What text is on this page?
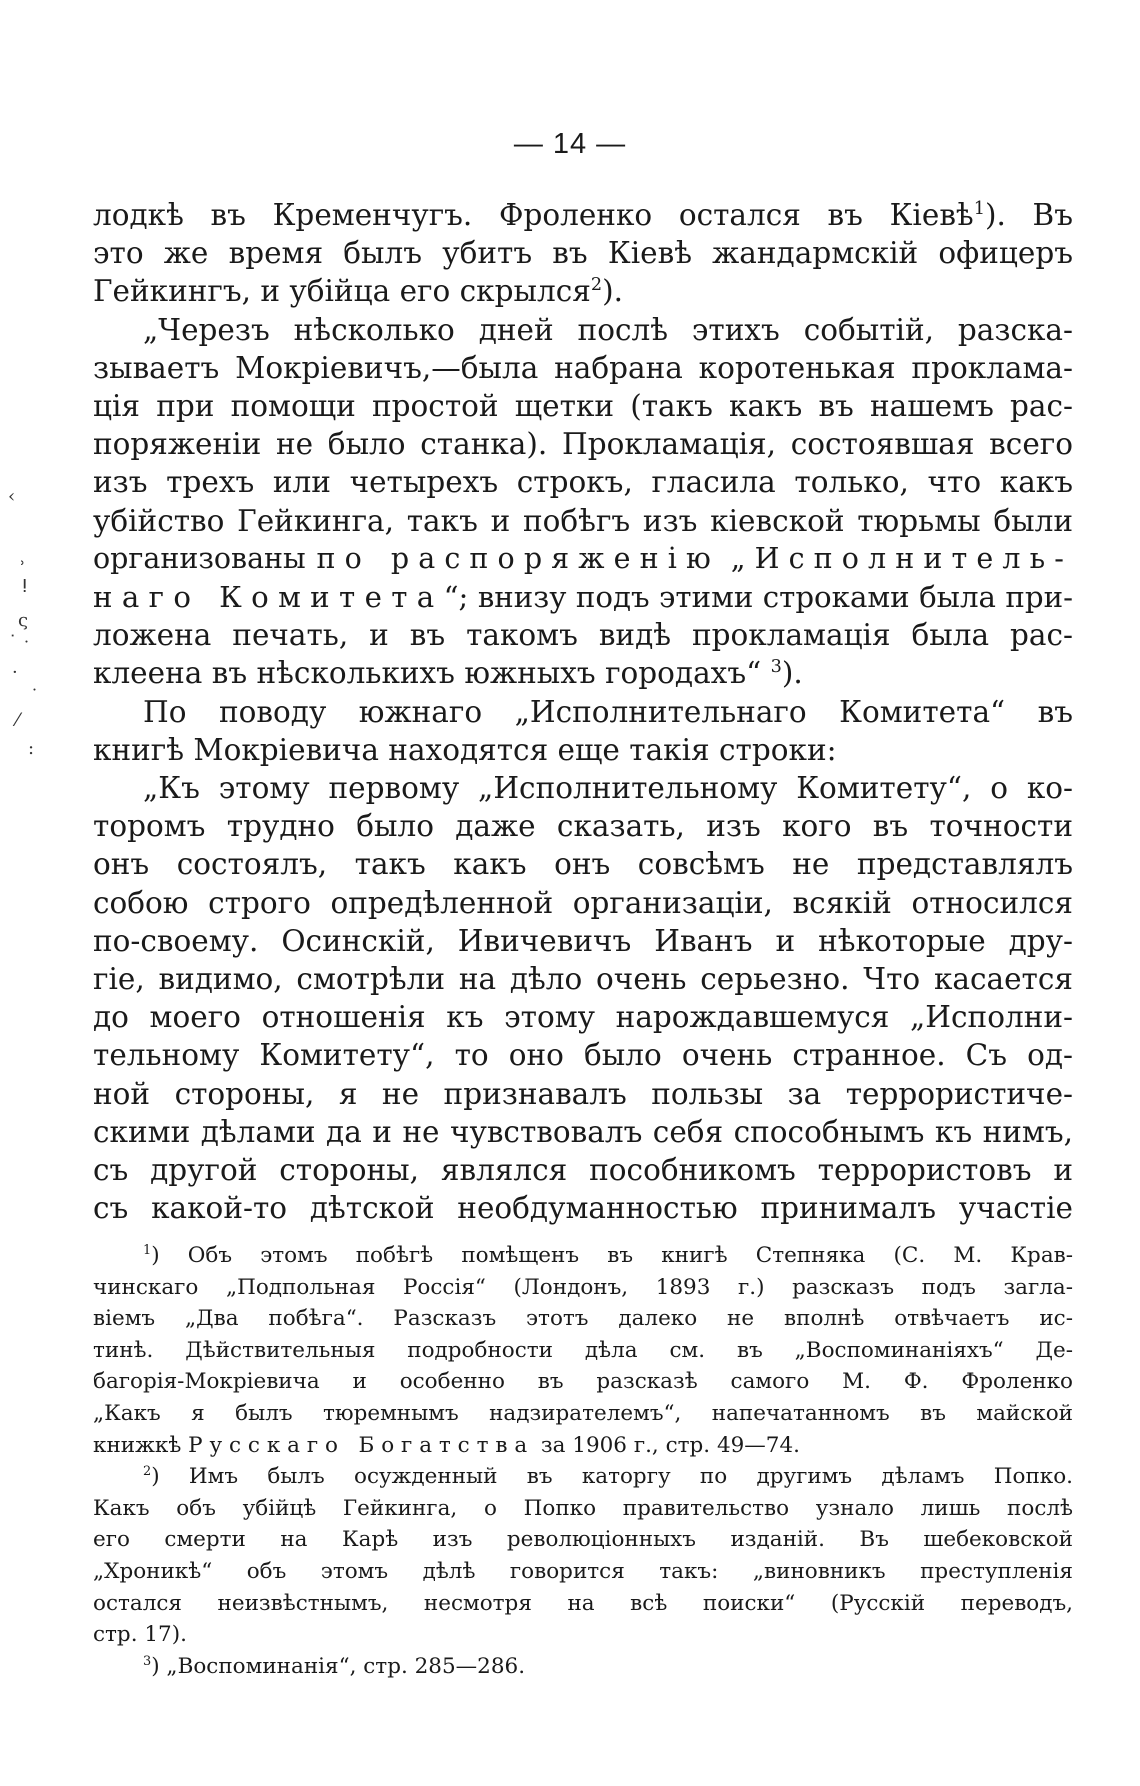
‹
ʾ
ⵑ
ς
ᐧ
˙
·
˙
⁄
:
— 14 —
лодкѣ въ Кременчугъ. Фроленко остался въ Кіевѣ$^1$). Въ
это же время былъ убитъ въ Кіевѣ жандармскій офицеръ
Гейкингъ, и убійца его скрылся$^2$).
„Черезъ нѣсколько дней послѣ этихъ событій, разска-
зываетъ Мокріевичъ,—была набрана коротенькая проклама-
ція при помощи простой щетки (такъ какъ въ нашемъ рас-
поряженіи не было станка). Прокламація, состоявшая всего
изъ трехъ или четырехъ строкъ, гласила только, что какъ
убійство Гейкинга, такъ и побѣгъ изъ кіевской тюрьмы были
организованы по распоряженію „Исполнитель-
наго Комитета“; внизу подъ этими строками была при-
ложена печать, и въ такомъ видѣ прокламація была рас-
клеена въ нѣсколькихъ южныхъ городахъ“ $^3$).
По поводу южнаго „Исполнительнаго Комитета“ въ
книгѣ Мокріевича находятся еще такія строки:
„Къ этому первому „Исполнительному Комитету“, о ко-
торомъ трудно было даже сказать, изъ кого въ точности
онъ состоялъ, такъ какъ онъ совсѣмъ не представлялъ
собою строго опредѣленной организаціи, всякій относился
по-своему. Осинскій, Ивичевичъ Иванъ и нѣкоторые дру-
гіе, видимо, смотрѣли на дѣло очень серьезно. Что касается
до моего отношенія къ этому нарождавшемуся „Исполни-
тельному Комитету“, то оно было очень странное. Съ од-
ной стороны, я не признавалъ пользы за террористиче-
скими дѣлами да и не чувствовалъ себя способнымъ къ нимъ,
съ другой стороны, являлся пособникомъ террористовъ и
съ какой-то дѣтской необдуманностью принималъ участіе
$^1$) Объ этомъ побѣгѣ помѣщенъ въ книгѣ Степняка (С. М. Крав-
чинскаго „Подпольная Россія“ (Лондонъ, 1893 г.) разсказъ подъ загла-
віемъ „Два побѣга“. Разсказъ этотъ далеко не вполнѣ отвѣчаетъ ис-
тинѣ. Дѣйствительныя подробности дѣла см. въ „Воспоминаніяхъ“ Де-
багорія-Мокріевича и особенно въ разсказѣ самого М. Ф. Фроленко
„Какъ я былъ тюремнымъ надзирателемъ“, напечатанномъ въ майской
книжкѣ Русскаго Богатства за 1906 г., стр. 49—74.
$^2$) Имъ былъ осужденный въ каторгу по другимъ дѣламъ Попко.
Какъ объ убійцѣ Гейкинга, о Попко правительство узнало лишь послѣ
его смерти на Карѣ изъ революціонныхъ изданій. Въ шебековской
„Хроникѣ“ объ этомъ дѣлѣ говорится такъ: „виновникъ преступленія
остался неизвѣстнымъ, несмотря на всѣ поиски“ (Русскій переводъ,
стр. 17).
$^3$) „Воспоминанія“, стр. 285—286.
